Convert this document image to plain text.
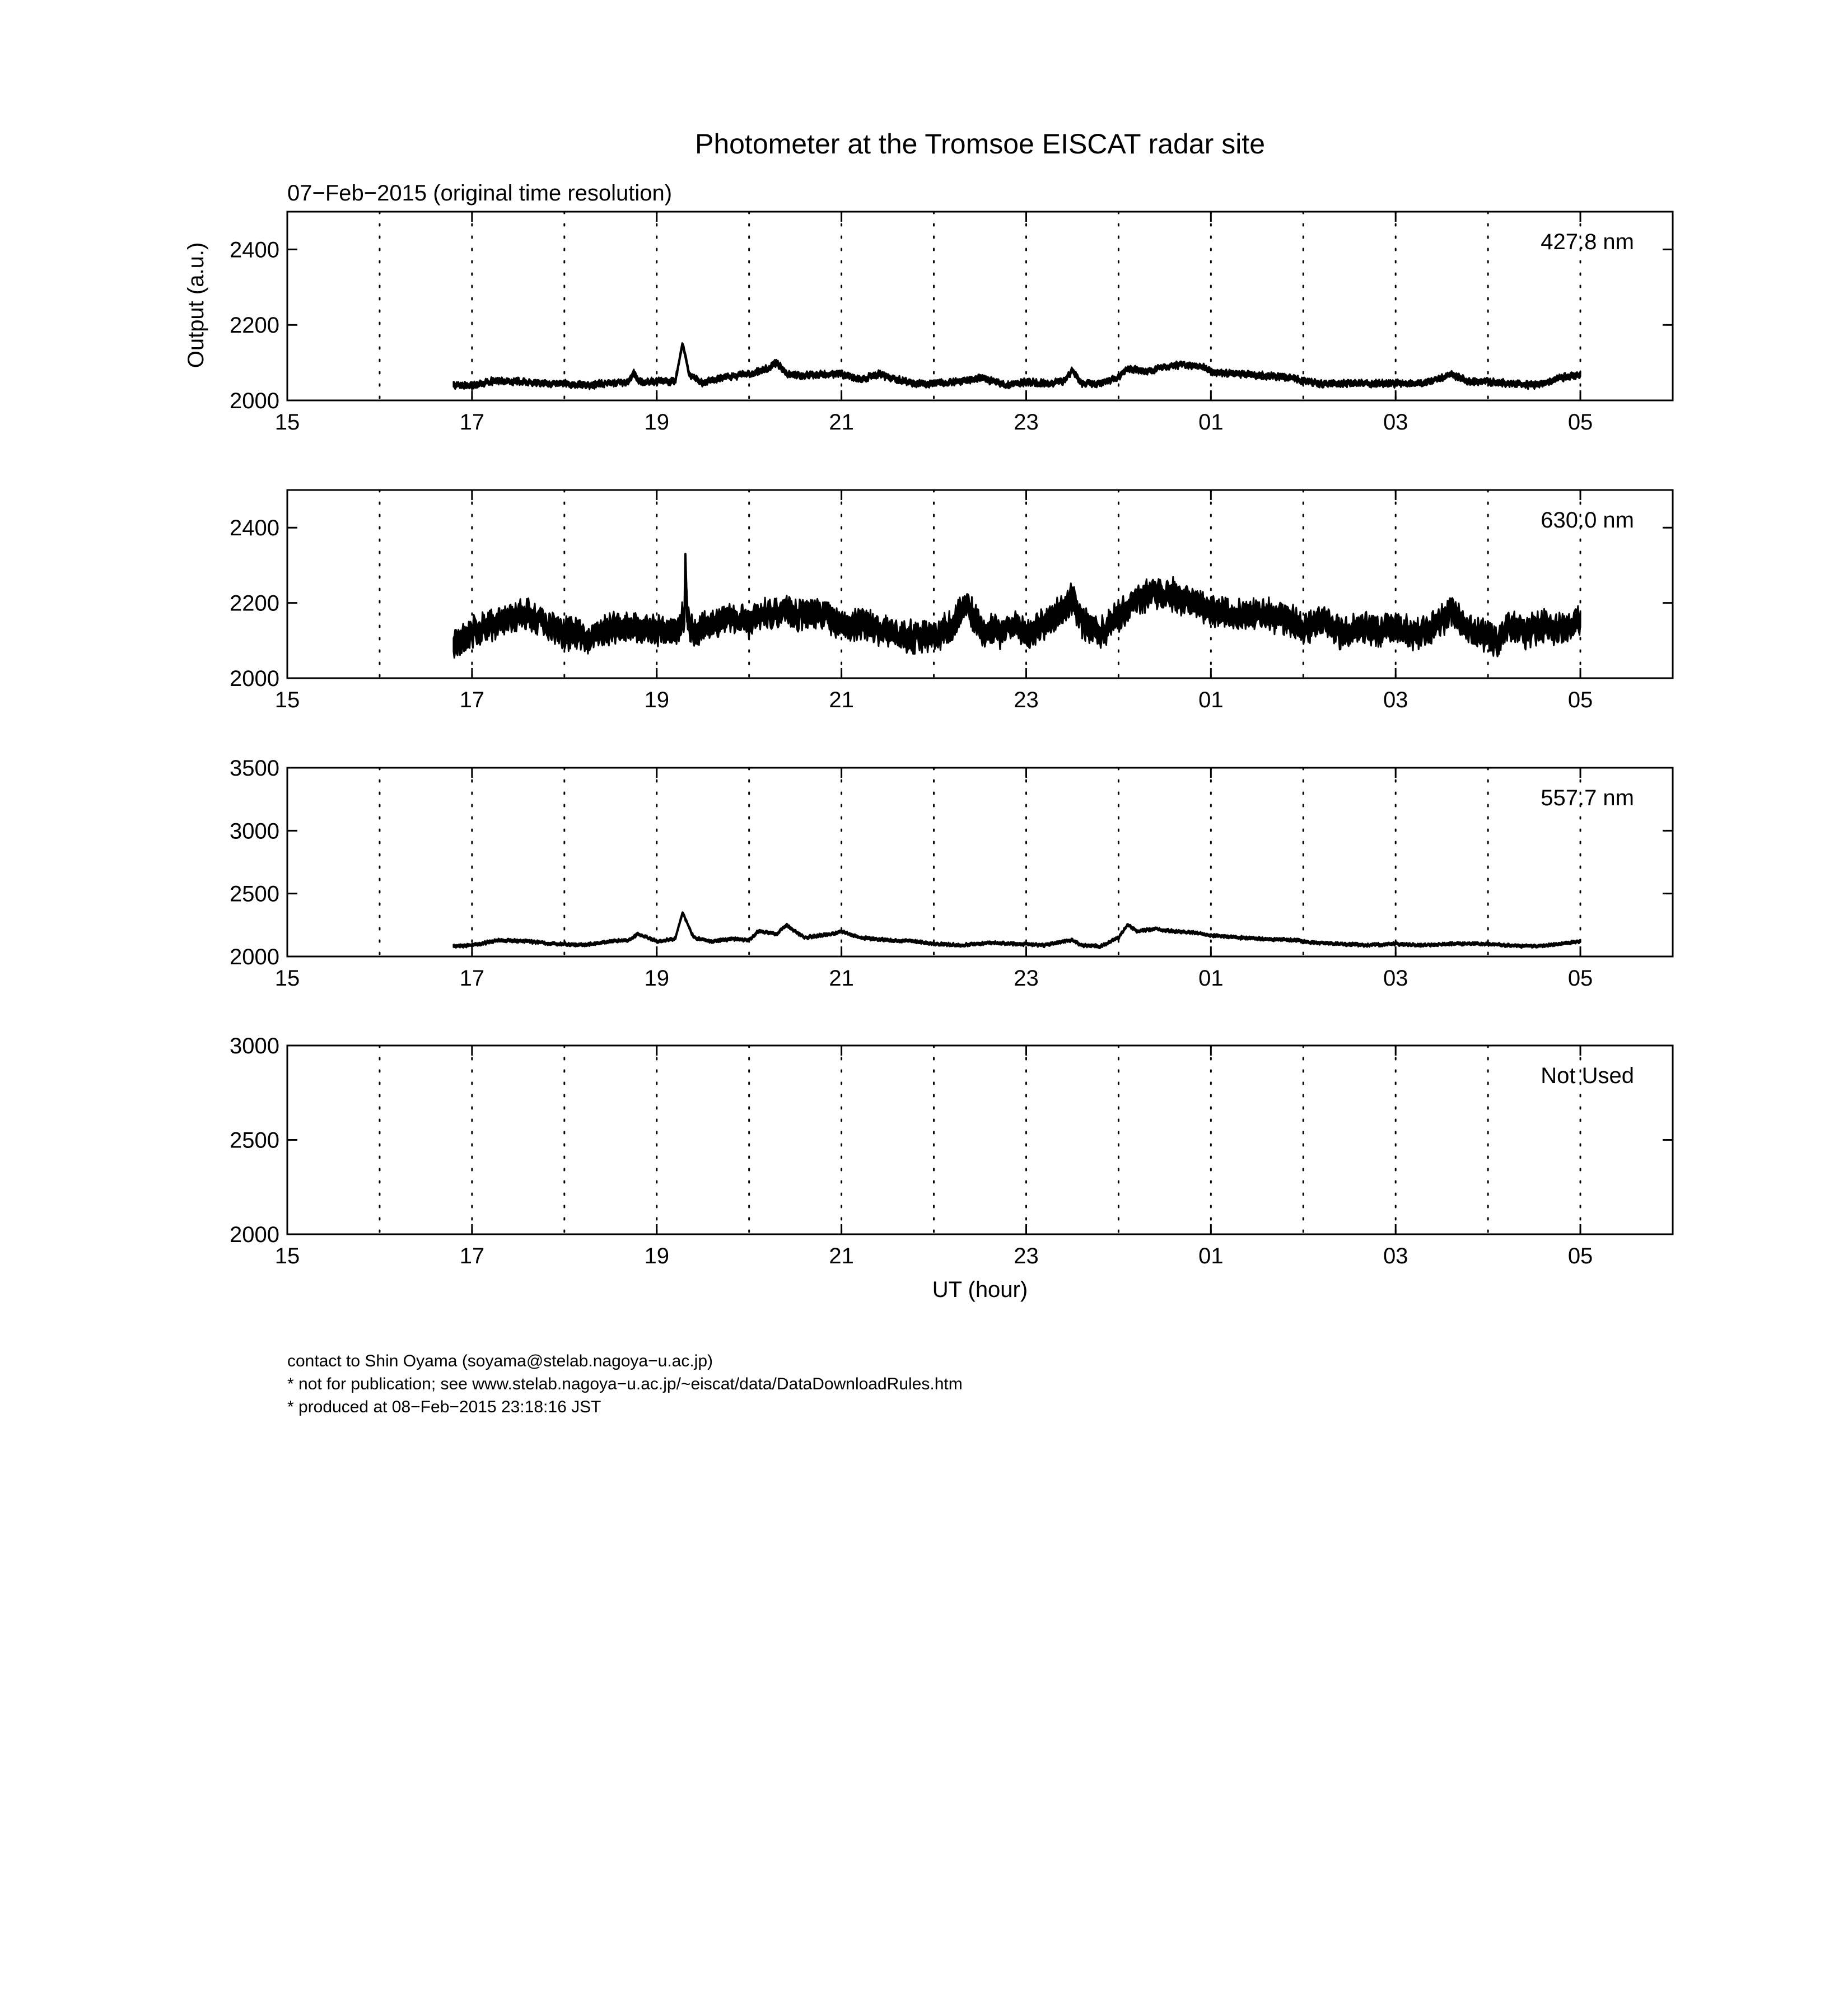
Photometer at the Tromsoe EISCAT radar site
07−Feb−2015 (original time resolution)
Output (a.u.)
15	17	19	21	23	01	03	05
2000
2200
2400	427.8 nm
15	17	19	21	23	01	03	05
2000
2200
2400	630.0 nm
15	17	19	21	23	01	03	05
2000
2500
3000
3500
557.7 nm
15	17	19	21	23	01	03	05
2000
2500
3000
Not Used
UT (hour)
contact to Shin Oyama (soyama@stelab.nagoya−u.ac.jp)
* not for publication; see www.stelab.nagoya−u.ac.jp/~eiscat/data/DataDownloadRules.htm
* produced at 08−Feb−2015 23:18:16 JST
